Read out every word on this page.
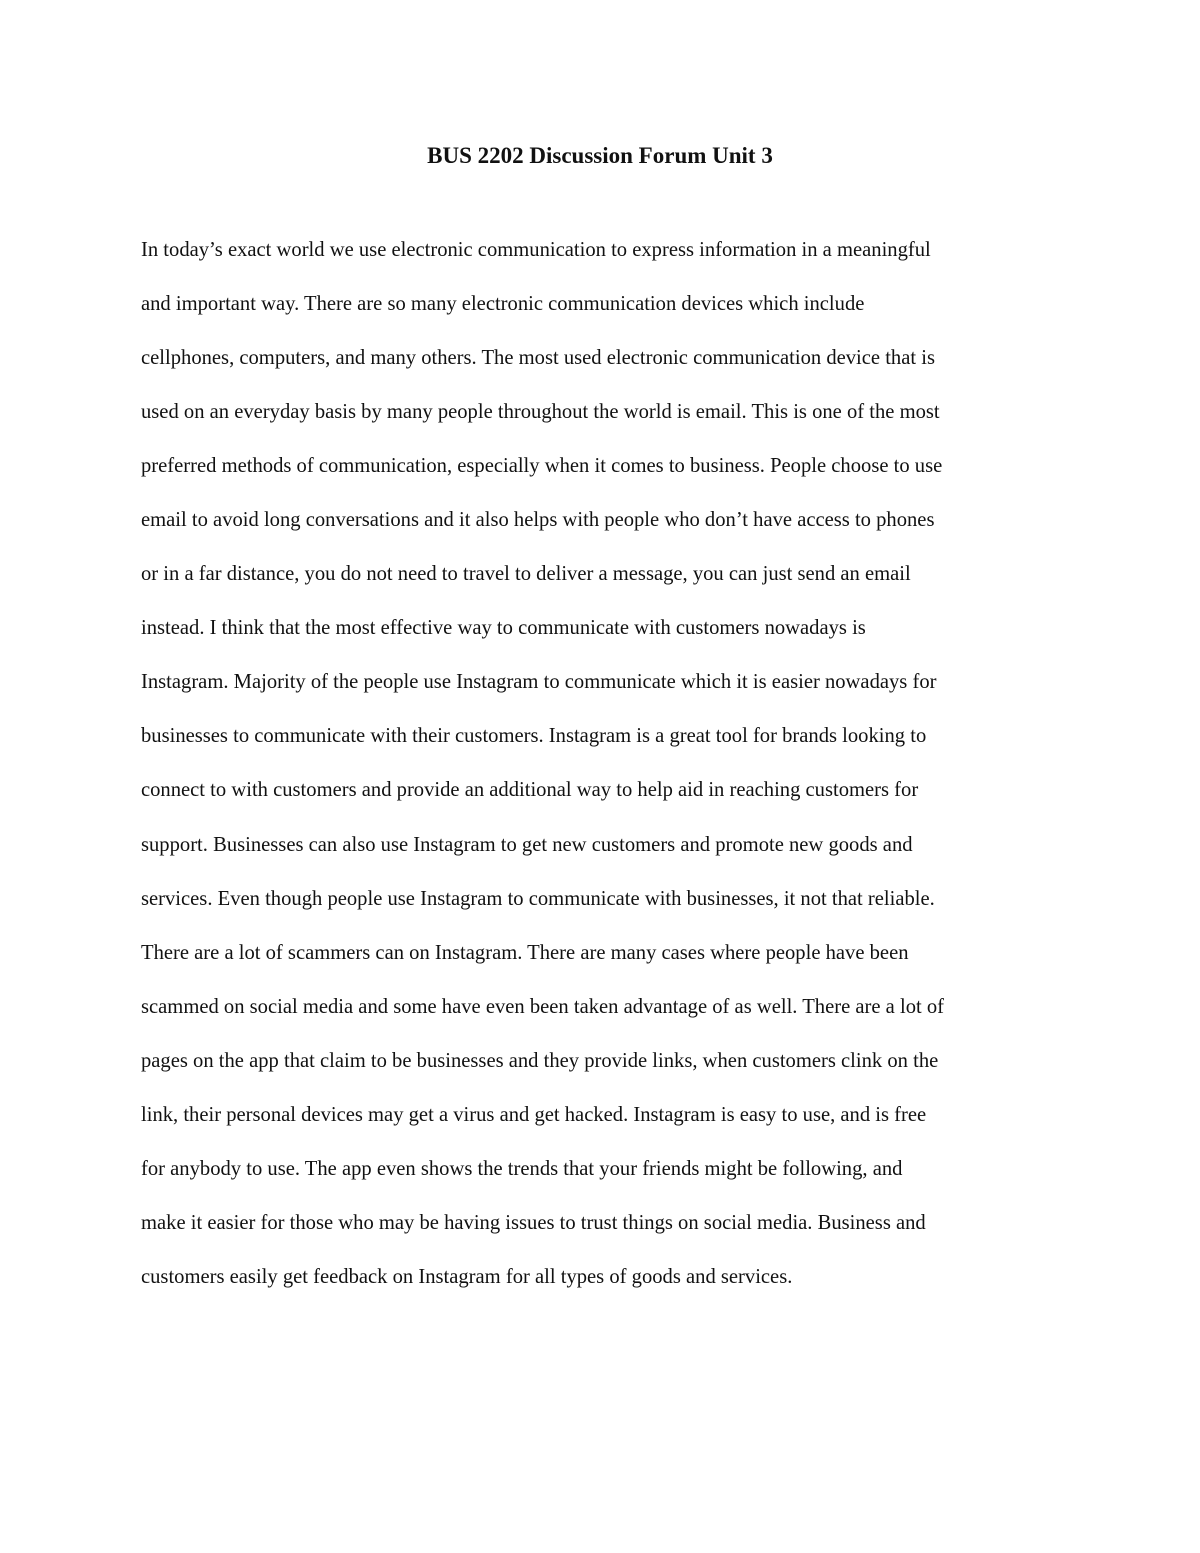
BUS 2202 Discussion Forum Unit 3
In today’s exact world we use electronic communication to express information in a meaningful
and important way. There are so many electronic communication devices which include
cellphones, computers, and many others. The most used electronic communication device that is
used on an everyday basis by many people throughout the world is email. This is one of the most
preferred methods of communication, especially when it comes to business. People choose to use
email to avoid long conversations and it also helps with people who don’t have access to phones
or in a far distance, you do not need to travel to deliver a message, you can just send an email
instead. I think that the most effective way to communicate with customers nowadays is
Instagram. Majority of the people use Instagram to communicate which it is easier nowadays for
businesses to communicate with their customers. Instagram is a great tool for brands looking to
connect to with customers and provide an additional way to help aid in reaching customers for
support. Businesses can also use Instagram to get new customers and promote new goods and
services. Even though people use Instagram to communicate with businesses, it not that reliable.
There are a lot of scammers can on Instagram. There are many cases where people have been
scammed on social media and some have even been taken advantage of as well. There are a lot of
pages on the app that claim to be businesses and they provide links, when customers clink on the
link, their personal devices may get a virus and get hacked. Instagram is easy to use, and is free
for anybody to use. The app even shows the trends that your friends might be following, and
make it easier for those who may be having issues to trust things on social media. Business and
customers easily get feedback on Instagram for all types of goods and services.
